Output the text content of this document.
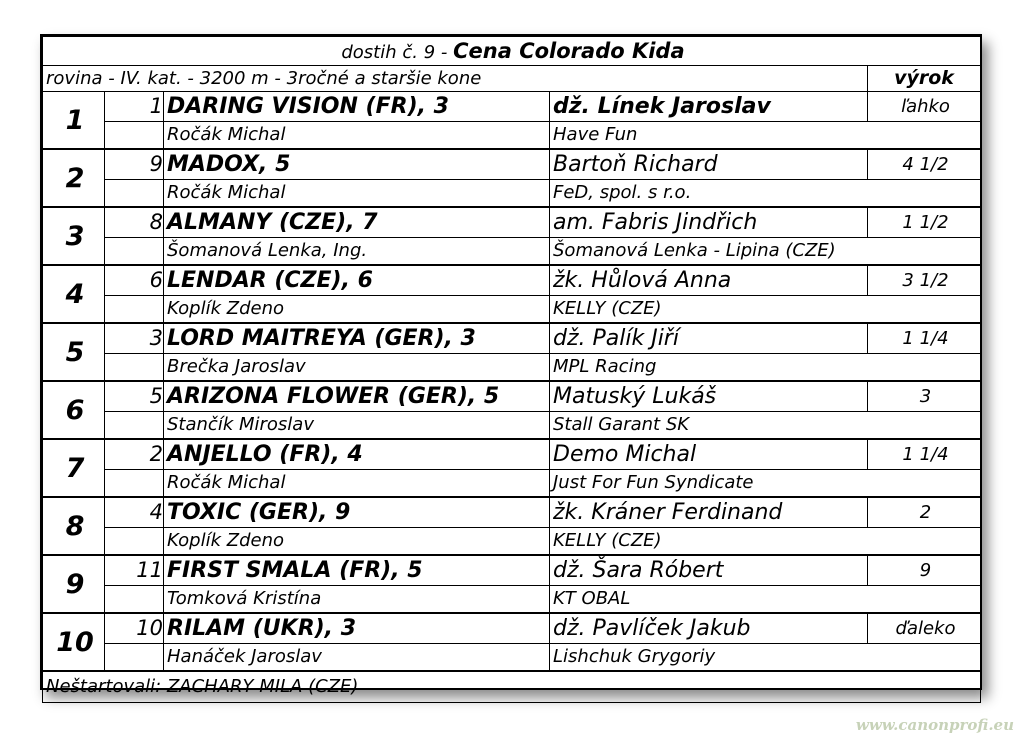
dostih č. 9 - Cena Colorado Kida				
rovina - IV. kat. - 3200 m - 3ročné a staršie kone				výrok
1	1	DARING VISION (FR), 3	dž. Línek Jaroslav	ľahko
		Ročák Michal	Have Fun	
2	9	MADOX, 5	Bartoň Richard	4 1/2
		Ročák Michal	FeD, spol. s r.o.	
3	8	ALMANY (CZE), 7	am. Fabris Jindřich	1 1/2
		Šomanová Lenka, Ing.	Šomanová Lenka - Lipina (CZE)	
4	6	LENDAR (CZE), 6	žk. Hůlová Anna	3 1/2
		Koplík Zdeno	KELLY (CZE)	
5	3	LORD MAITREYA (GER), 3	dž. Palík Jiří	1 1/4
		Brečka Jaroslav	MPL Racing	
6	5	ARIZONA FLOWER (GER), 5	Matuský Lukáš	3
		Stančík Miroslav	Stall Garant SK	
7	2	ANJELLO (FR), 4	Demo Michal	1 1/4
		Ročák Michal	Just For Fun Syndicate	
8	4	TOXIC (GER), 9	žk. Kráner Ferdinand	2
		Koplík Zdeno	KELLY (CZE)	
9	11	FIRST SMALA (FR), 5	dž. Šara Róbert	9
		Tomková Kristína	KT OBAL	
10	10	RILAM (UKR), 3	dž. Pavlíček Jakub	ďaleko
		Hanáček Jaroslav	Lishchuk Grygoriy	
Neštartovali: ZACHARY MILA (CZE)				
www.canonprofi.eu
